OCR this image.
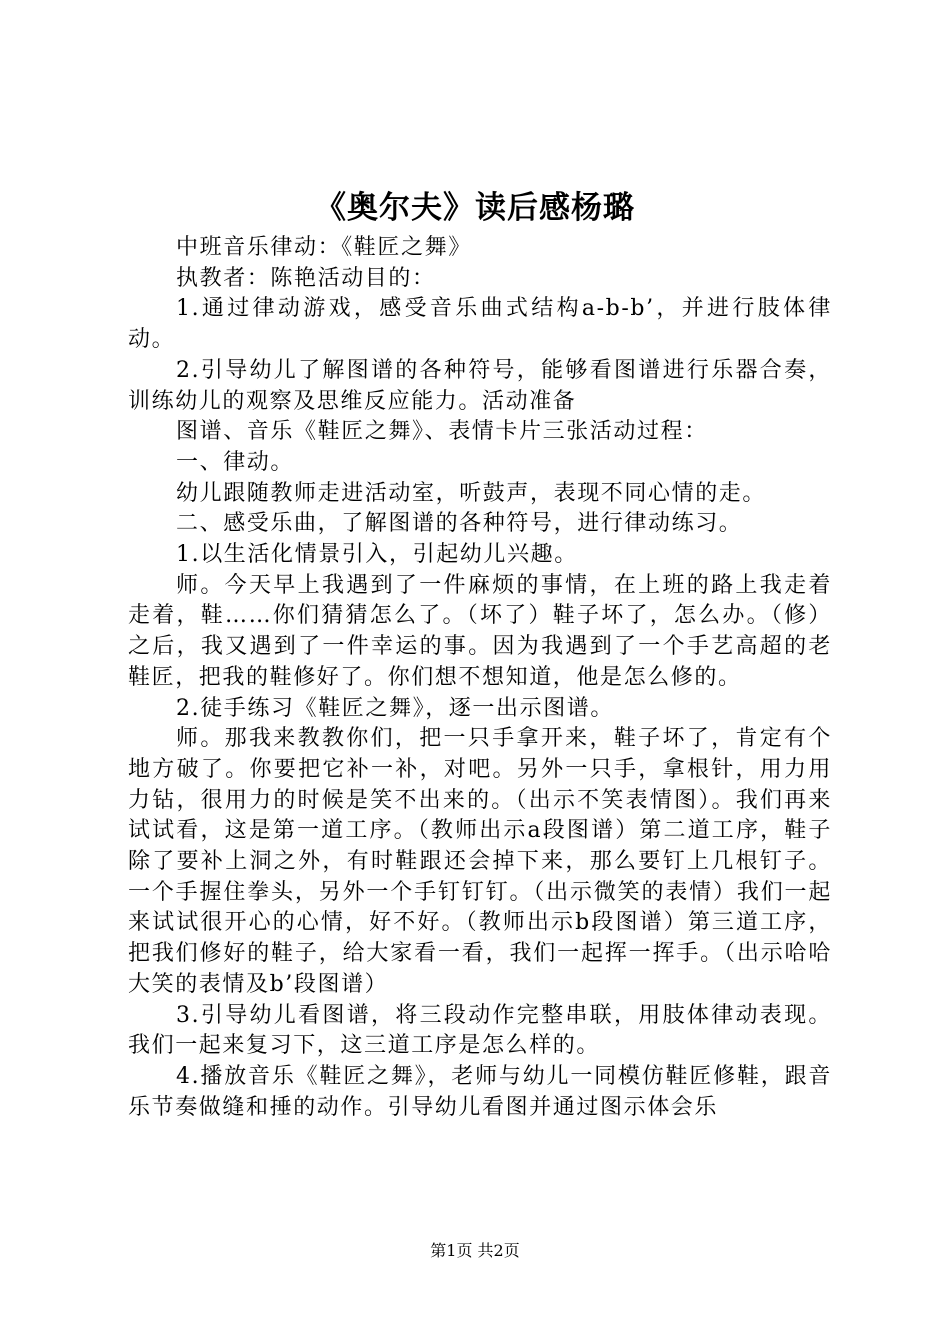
《奥尔夫》读后感杨璐

中班音乐律动：《鞋匠之舞》

执教者：陈艳活动目的：

1.通过律动游戏，感受音乐曲式结构a-b-b’，并进行肢体律动。

2.引导幼儿了解图谱的各种符号，能够看图谱进行乐器合奏，训练幼儿的观察及思维反应能力。活动准备

图谱、音乐《鞋匠之舞》、表情卡片三张活动过程：

一、律动。

幼儿跟随教师走进活动室，听鼓声，表现不同心情的走。

二、感受乐曲，了解图谱的各种符号，进行律动练习。

1.以生活化情景引入，引起幼儿兴趣。

师。今天早上我遇到了一件麻烦的事情，在上班的路上我走着走着，鞋……你们猜猜怎么了。（坏了）鞋子坏了，怎么办。（修）之后，我又遇到了一件幸运的事。因为我遇到了一个手艺高超的老鞋匠，把我的鞋修好了。你们想不想知道，他是怎么修的。

2.徒手练习《鞋匠之舞》，逐一出示图谱。

师。那我来教教你们，把一只手拿开来，鞋子坏了，肯定有个地方破了。你要把它补一补，对吧。另外一只手，拿根针，用力用力钻，很用力的时候是笑不出来的。（出示不笑表情图）。我们再来试试看，这是第一道工序。（教师出示a段图谱）第二道工序，鞋子除了要补上洞之外，有时鞋跟还会掉下来，那么要钉上几根钉子。一个手握住拳头，另外一个手钉钉钉。（出示微笑的表情）我们一起来试试很开心的心情，好不好。（教师出示b段图谱）第三道工序，把我们修好的鞋子，给大家看一看，我们一起挥一挥手。（出示哈哈大笑的表情及b’段图谱）

3.引导幼儿看图谱，将三段动作完整串联，用肢体律动表现。我们一起来复习下，这三道工序是怎么样的。

4.播放音乐《鞋匠之舞》，老师与幼儿一同模仿鞋匠修鞋，跟音乐节奏做缝和捶的动作。引导幼儿看图并通过图示体会乐

第1页 共2页
